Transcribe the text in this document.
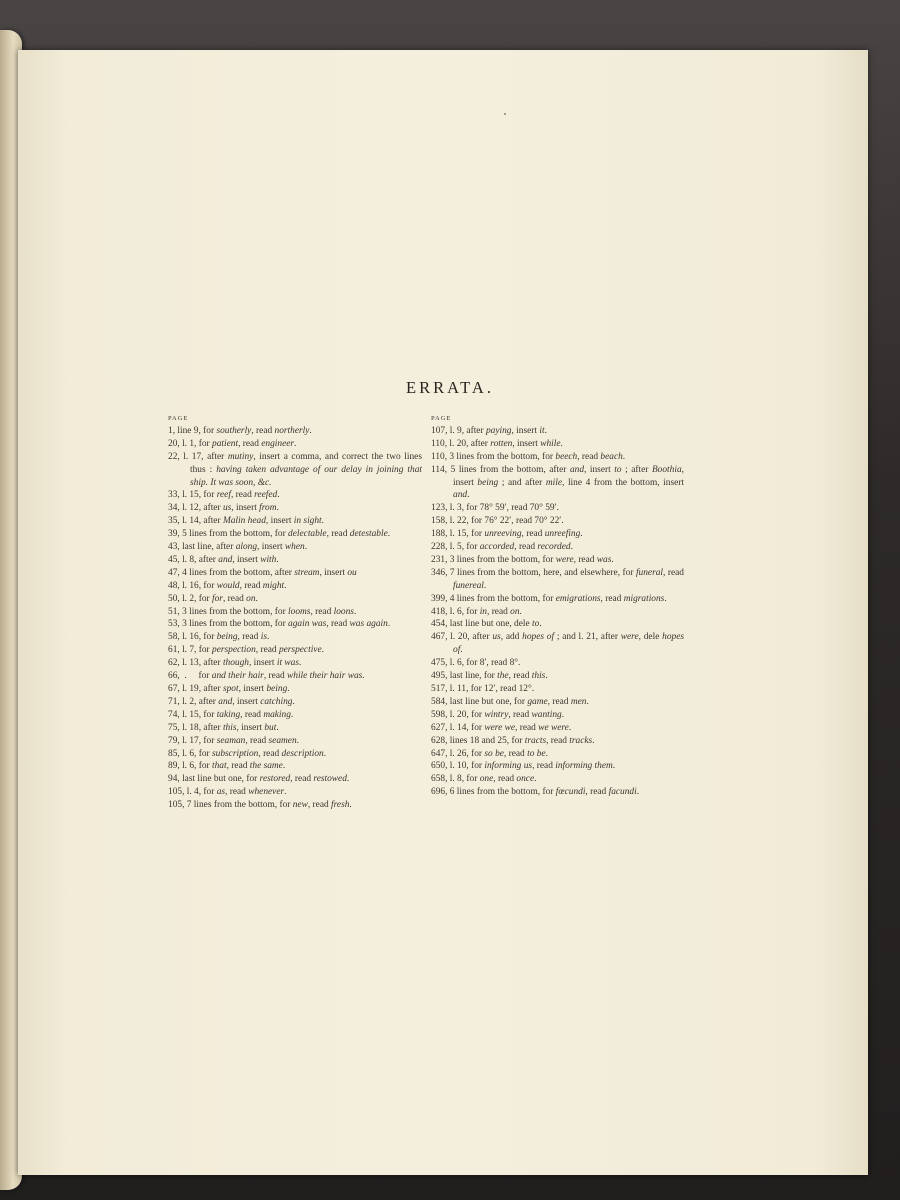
ERRATA.
PAGE
1, line 9, for southerly, read northerly.
20, l. 1, for patient, read engineer.
22, l. 17, after mutiny, insert a comma, and correct the two lines thus : having taken advantage of our delay in joining that ship. It was soon, &c.
33, l. 15, for reef, read reefed.
34, l. 12, after us, insert from.
35, l. 14, after Malin head, insert in sight.
39, 5 lines from the bottom, for delectable, read detestable.
43, last line, after along, insert when.
45, l. 8, after and, insert with.
47, 4 lines from the bottom, after stream, insert ou
48, l. 16, for would, read might.
50, l. 2, for for, read on.
51, 3 lines from the bottom, for looms, read loons.
53, 3 lines from the bottom, for again was, read was again.
58, l. 16, for being, read is.
61, l. 7, for perspection, read perspective.
62, l. 13, after though, insert it was.
66,  .     for and their hair, read while their hair was.
67, l. 19, after spot, insert being.
71, l. 2, after and, insert catching.
74, l. 15, for taking, read making.
75, l. 18, after this, insert but.
79, l. 17, for seaman, read seamen.
85, l. 6, for subscription, read description.
89, l. 6, for that, read the same.
94, last line but one, for restored, read restowed.
105, l. 4, for as, read whenever.
105, 7 lines from the bottom, for new, read fresh.
PAGE
107, l. 9, after paying, insert it.
110, l. 20, after rotten, insert while.
110, 3 lines from the bottom, for beech, read beach.
114, 5 lines from the bottom, after and, insert to ; after Boothia, insert being ; and after mile, line 4 from the bottom, insert and.
123, l. 3, for 78° 59′, read 70° 59′.
158, l. 22, for 76° 22′, read 70° 22′.
188, l. 15, for unreeving, read unreefing.
228, l. 5, for accorded, read recorded.
231, 3 lines from the bottom, for were, read was.
346, 7 lines from the bottom, here, and elsewhere, for funeral, read funereal.
399, 4 lines from the bottom, for emigrations, read migrations.
418, l. 6, for in, read on.
454, last line but one, dele to.
467, l. 20, after us, add hopes of ; and l. 21, after were, dele hopes of.
475, l. 6, for 8′, read 8°.
495, last line, for the, read this.
517, l. 11, for 12′, read 12°.
584, last line but one, for game, read men.
598, l. 20, for wintry, read wanting.
627, l. 14, for were we, read we were.
628, lines 18 and 25, for tracts, read tracks.
647, l. 26, for so be, read to be.
650, l. 10, for informing us, read informing them.
658, l. 8, for one, read once.
696, 6 lines from the bottom, for fœcundi, read facundi.
